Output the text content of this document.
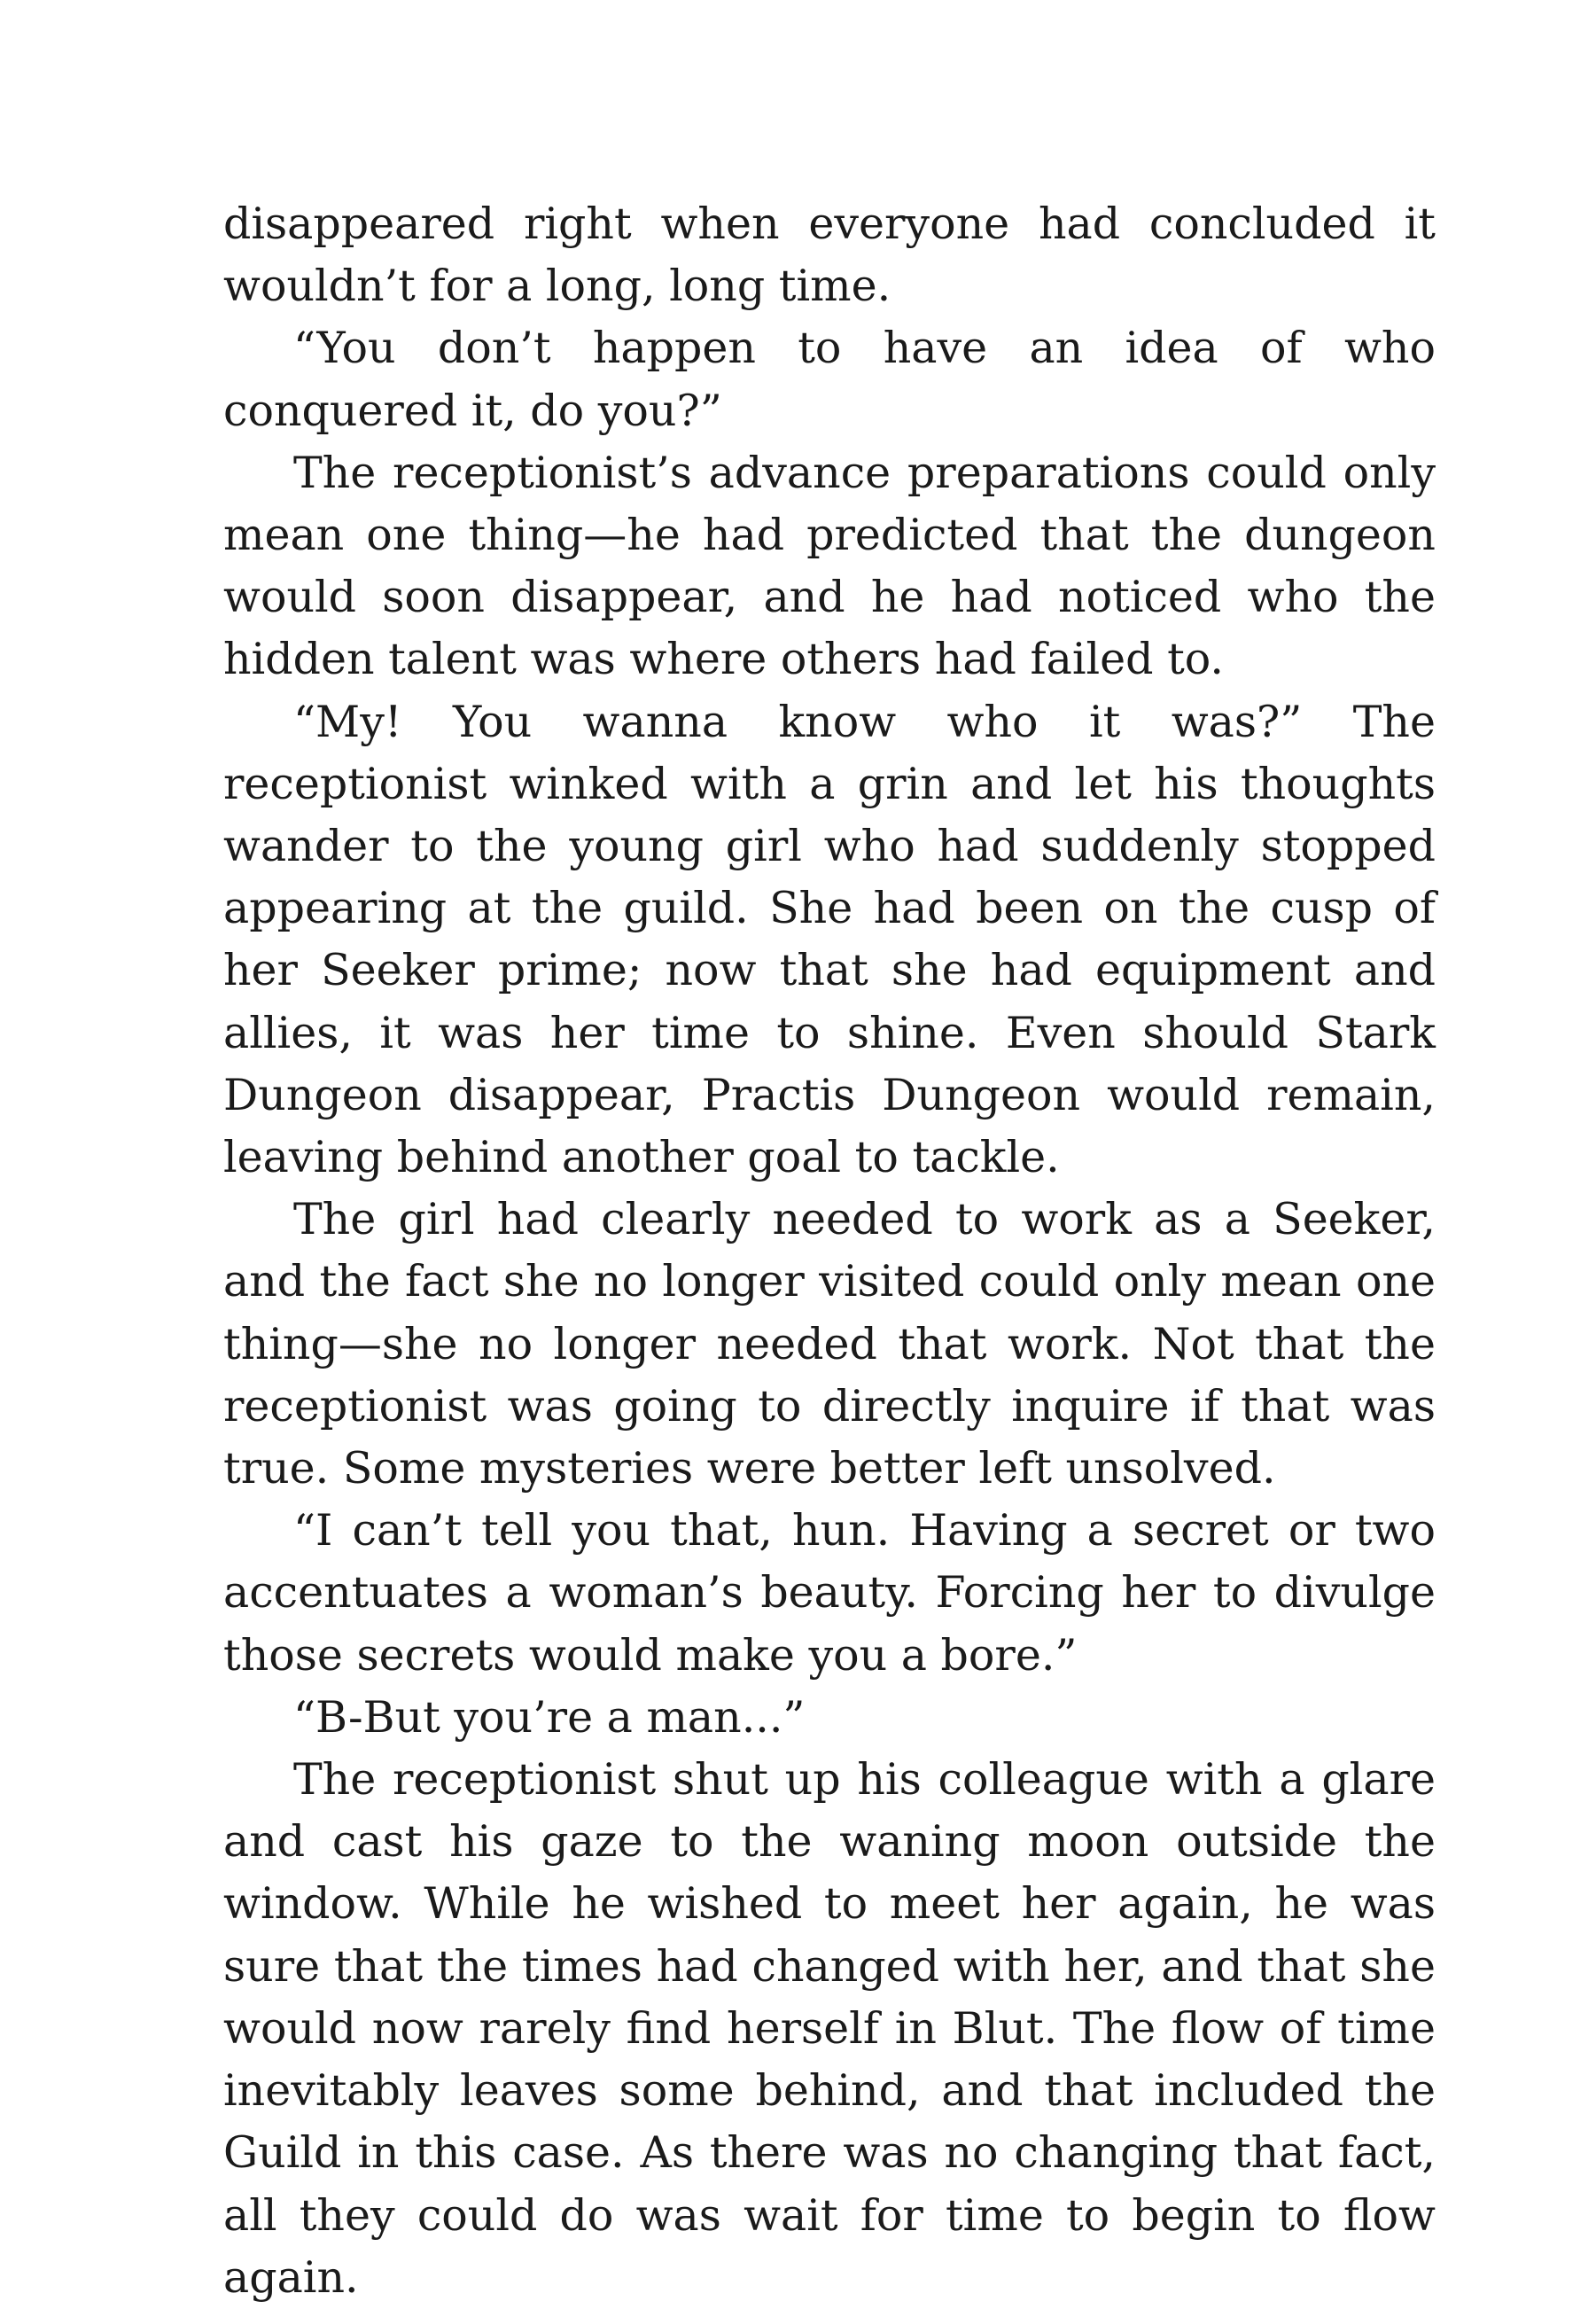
disappeared right when everyone had concluded it wouldn’t for a long, long time.

“You don’t happen to have an idea of who conquered it, do you?”

The receptionist’s advance preparations could only mean one thing—he had predicted that the dungeon would soon disappear, and he had noticed who the hidden talent was where others had failed to.

“My! You wanna know who it was?” The receptionist winked with a grin and let his thoughts wander to the young girl who had suddenly stopped appearing at the guild. She had been on the cusp of her Seeker prime; now that she had equipment and allies, it was her time to shine. Even should Stark Dungeon disappear, Practis Dungeon would remain, leaving behind another goal to tackle.

The girl had clearly needed to work as a Seeker, and the fact she no longer visited could only mean one thing—she no longer needed that work. Not that the receptionist was going to directly inquire if that was true. Some mysteries were better left unsolved.

“I can’t tell you that, hun. Having a secret or two accentuates a woman’s beauty. Forcing her to divulge those secrets would make you a bore.”

“B-But you’re a man...”

The receptionist shut up his colleague with a glare and cast his gaze to the waning moon outside the window. While he wished to meet her again, he was sure that the times had changed with her, and that she would now rarely find herself in Blut. The flow of time inevitably leaves some behind, and that included the Guild in this case. As there was no changing that fact, all they could do was wait for time to begin to flow again.
